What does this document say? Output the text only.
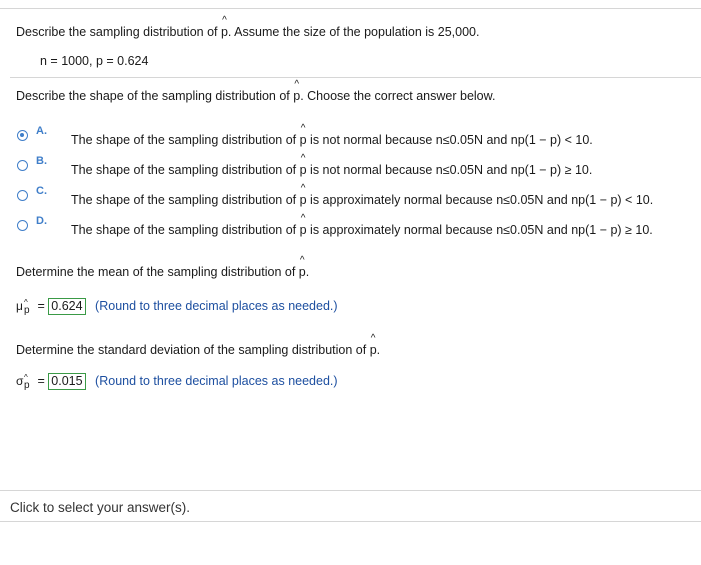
Describe the sampling distribution of ^ p. Assume the size of the population is 25,000.
n = 1000, p = 0.624
Describe the shape of the sampling distribution of ^ p. Choose the correct answer below.
A.
The shape of the sampling distribution of ^ p is not normal because n≤0.05N and np(1 − p) < 10.
B.
The shape of the sampling distribution of ^ p is not normal because n≤0.05N and np(1 − p) ≥ 10.
C.
The shape of the sampling distribution of ^ p is approximately normal because n≤0.05N and np(1 − p) < 10.
D.
The shape of the sampling distribution of ^ p is approximately normal because n≤0.05N and np(1 − p) ≥ 10.
Determine the mean of the sampling distribution of ^ p.
μ ^ p = 0.624 (Round to three decimal places as needed.)
Determine the standard deviation of the sampling distribution of ^ p.
σ ^ p = 0.015 (Round to three decimal places as needed.)
Click to select your answer(s).
